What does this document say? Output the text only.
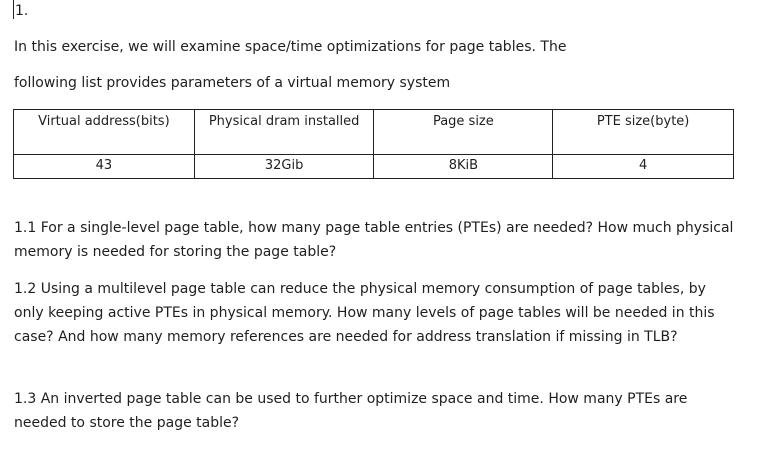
1.
In this exercise, we will examine space/time optimizations for page tables. The
following list provides parameters of a virtual memory system
Virtual address(bits)	Physical dram installed	Page size	PTE size(byte)
43	32Gib	8KiB	4
1.1 For a single-level page table, how many page table entries (PTEs) are needed? How much physical memory is needed for storing the page table?
1.2 Using a multilevel page table can reduce the physical memory consumption of page tables, by only keeping active PTEs in physical memory. How many levels of page tables will be needed in this case? And how many memory references are needed for address translation if missing in TLB?
1.3 An inverted page table can be used to further optimize space and time. How many PTEs are needed to store the page table?
